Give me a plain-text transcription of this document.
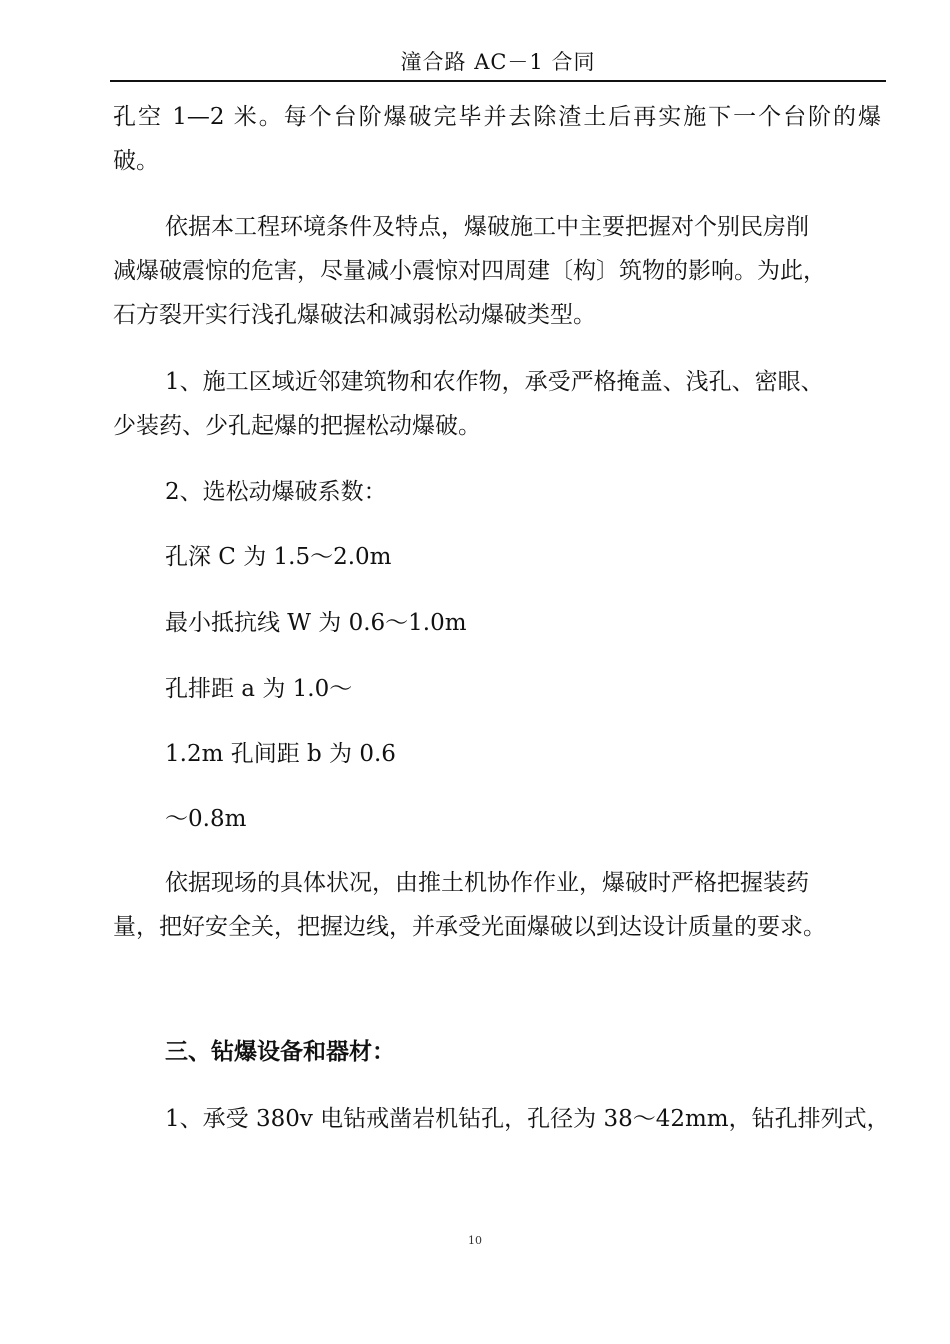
潼合路 AC－1 合同
孔空 1—2 米。每个台阶爆破完毕并去除渣土后再实施下一个台阶的爆
破。
依据本工程环境条件及特点，爆破施工中主要把握对个别民房削
减爆破震惊的危害，尽量减小震惊对四周建〔构〕筑物的影响。为此，
石方裂开实行浅孔爆破法和减弱松动爆破类型。
1、施工区域近邻建筑物和农作物，承受严格掩盖、浅孔、密眼、
少装药、少孔起爆的把握松动爆破。
2、选松动爆破系数：
孔深 C 为 1.5～2.0m
最小抵抗线 W 为 0.6～1.0m
孔排距 a 为 1.0～
1.2m 孔间距 b 为 0.6
～0.8m
依据现场的具体状况，由推土机协作作业，爆破时严格把握装药
量，把好安全关，把握边线，并承受光面爆破以到达设计质量的要求。
三、钻爆设备和器材：
1、承受 380v 电钻戒凿岩机钻孔，孔径为 38～42mm，钻孔排列式，
10
